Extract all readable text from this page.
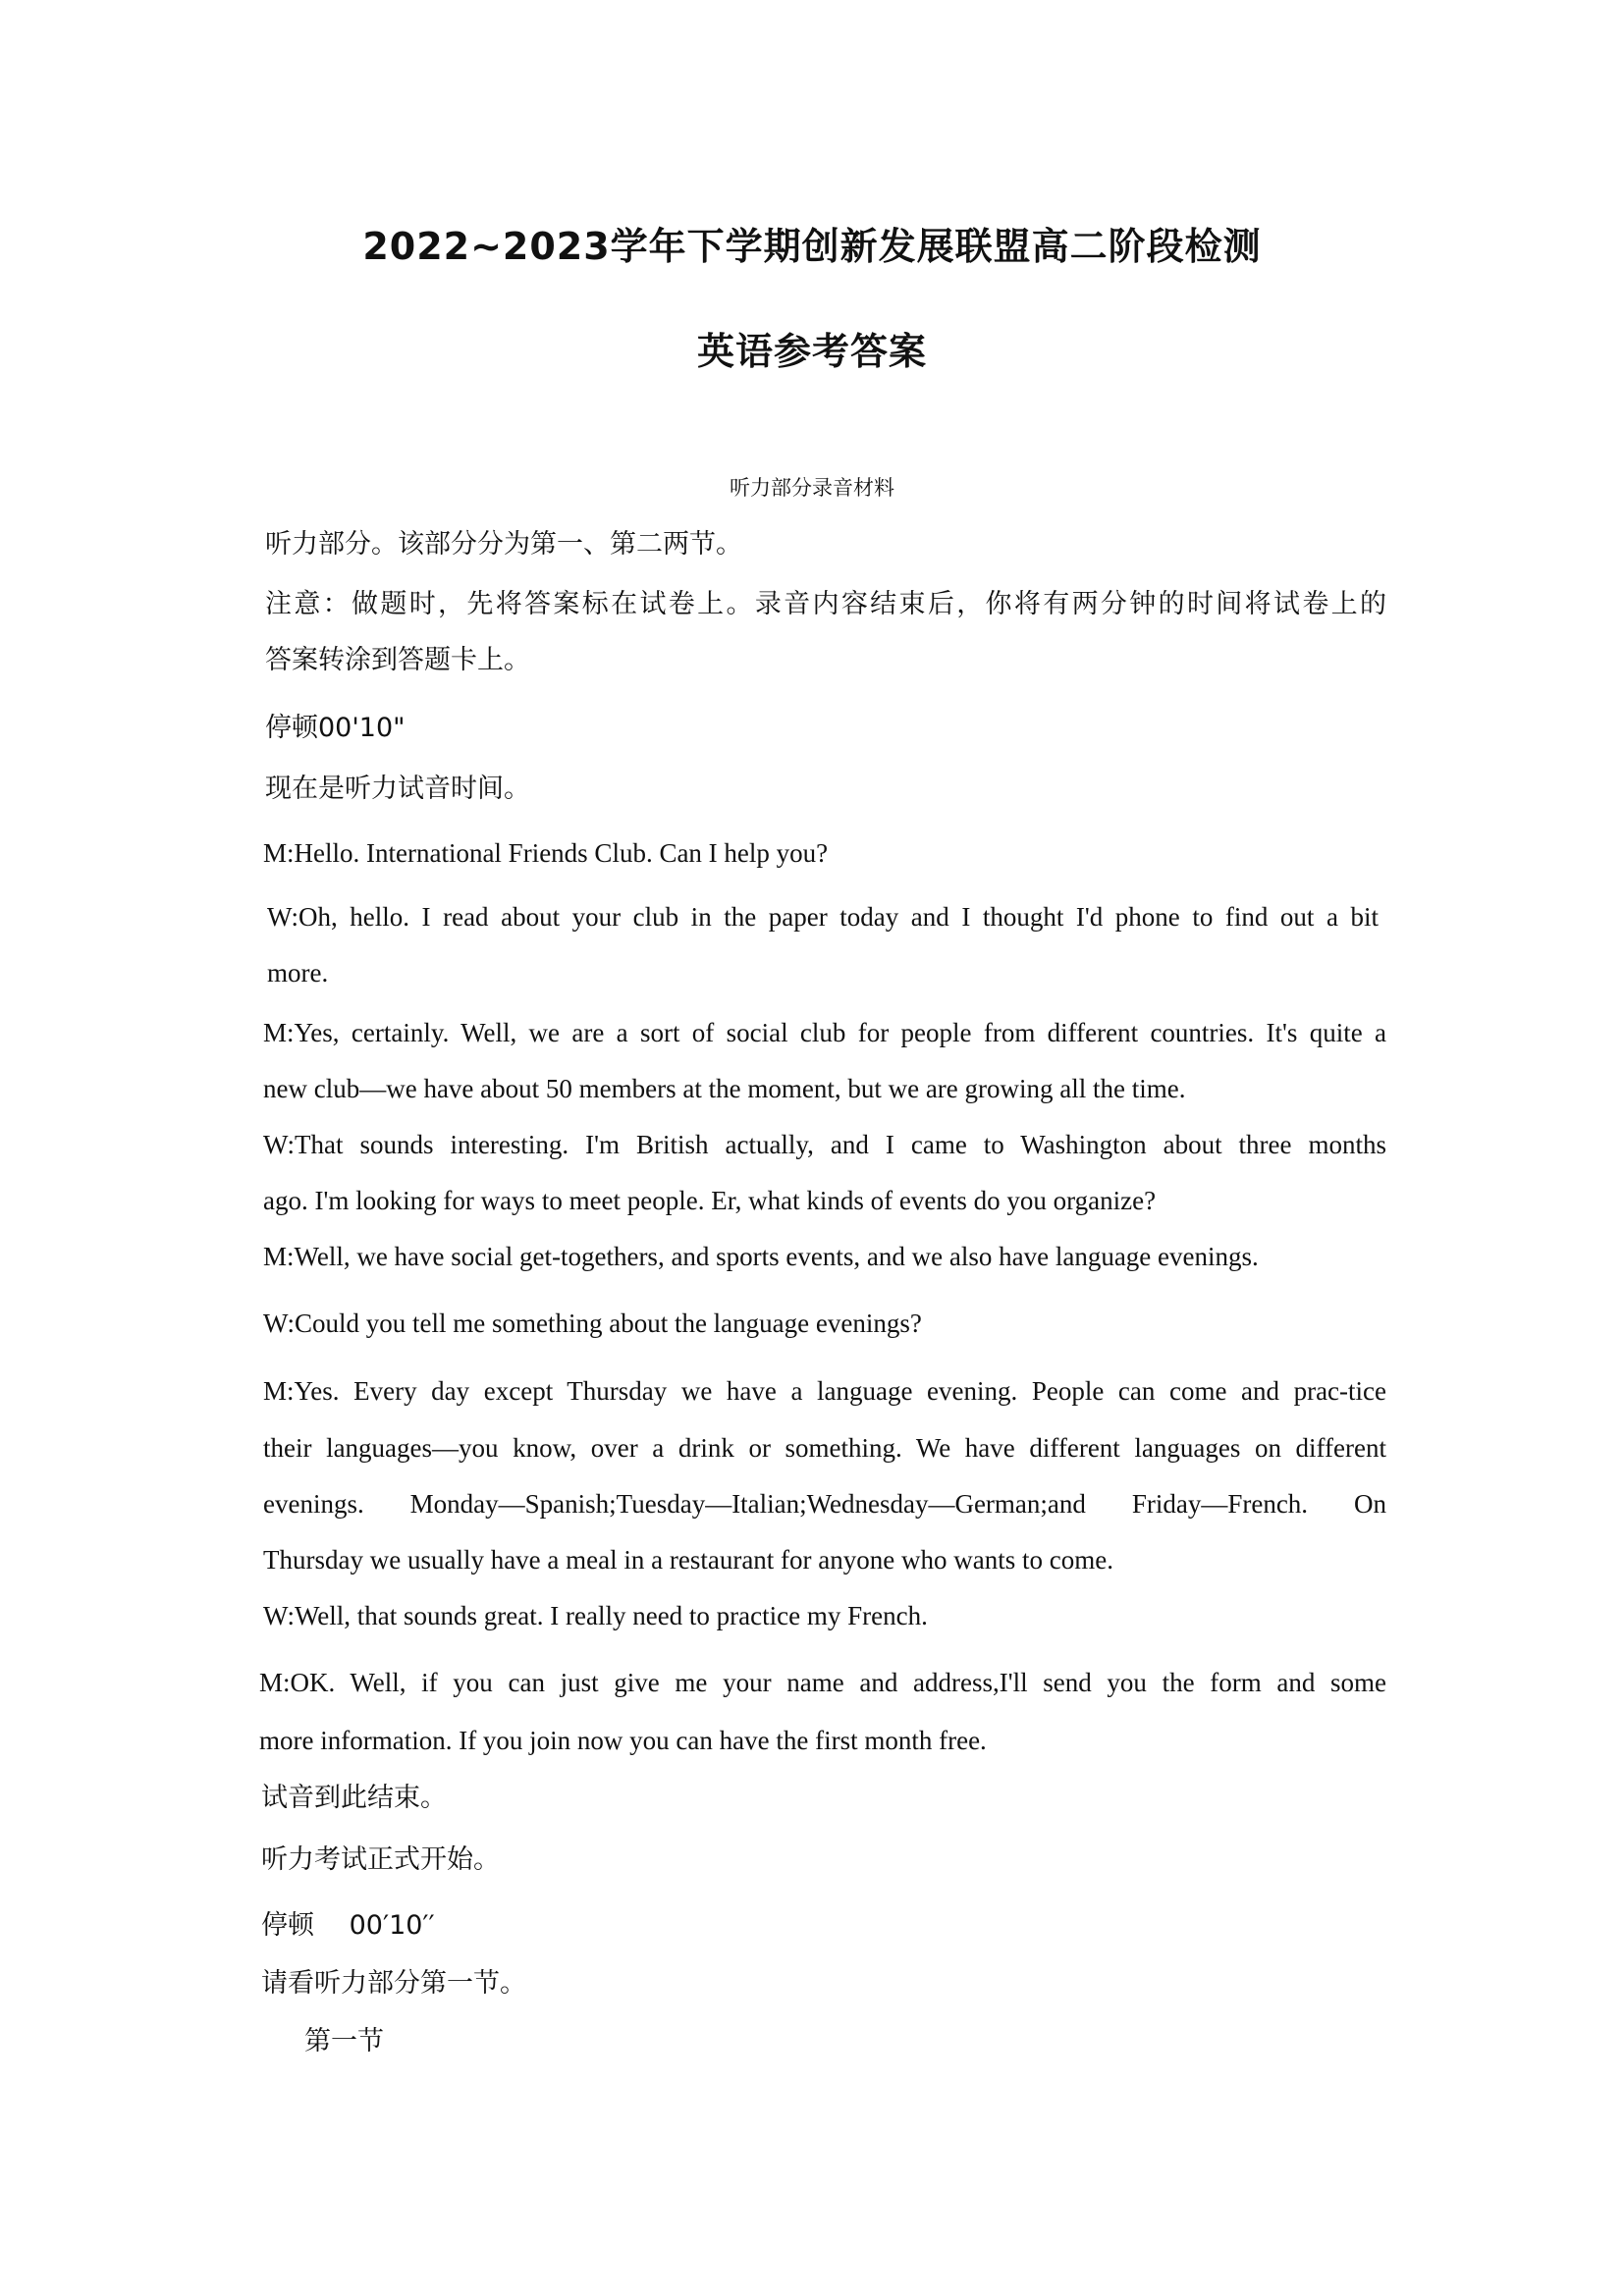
2022~2023学年下学期创新发展联盟高二阶段检测
英语参考答案
听力部分录音材料
听力部分。该部分分为第一、第二两节。
注意：做题时，先将答案标在试卷上。录音内容结束后，你将有两分钟的时间将试卷上的
答案转涂到答题卡上。
停顿00'10"
现在是听力试音时间。
M:Hello. International Friends Club. Can I help you?
W:Oh, hello. I read about your club in the paper today and I thought I'd phone to find out a bit
more.
M:Yes, certainly. Well, we are a sort of social club for people from different countries. It's quite a
new club—we have about 50 members at the moment, but we are growing all the time.
W:That sounds interesting. I'm British actually, and I came to Washington about three months
ago. I'm looking for ways to meet people. Er, what kinds of events do you organize?
M:Well, we have social get-togethers, and sports events, and we also have language evenings.
W:Could you tell me something about the language evenings?
M:Yes. Every day except Thursday we have a language evening. People can come and prac-tice
their languages—you know, over a drink or something. We have different languages on different
evenings. Monday—Spanish;Tuesday—Italian;Wednesday—German;and Friday—French. On
Thursday we usually have a meal in a restaurant for anyone who wants to come.
W:Well, that sounds great. I really need to practice my French.
M:OK. Well, if you can just give me your name and address,I'll send you the form and some
more information. If you join now you can have the first month free.
试音到此结束。
听力考试正式开始。
停顿　 00′10′′
请看听力部分第一节。
第一节
